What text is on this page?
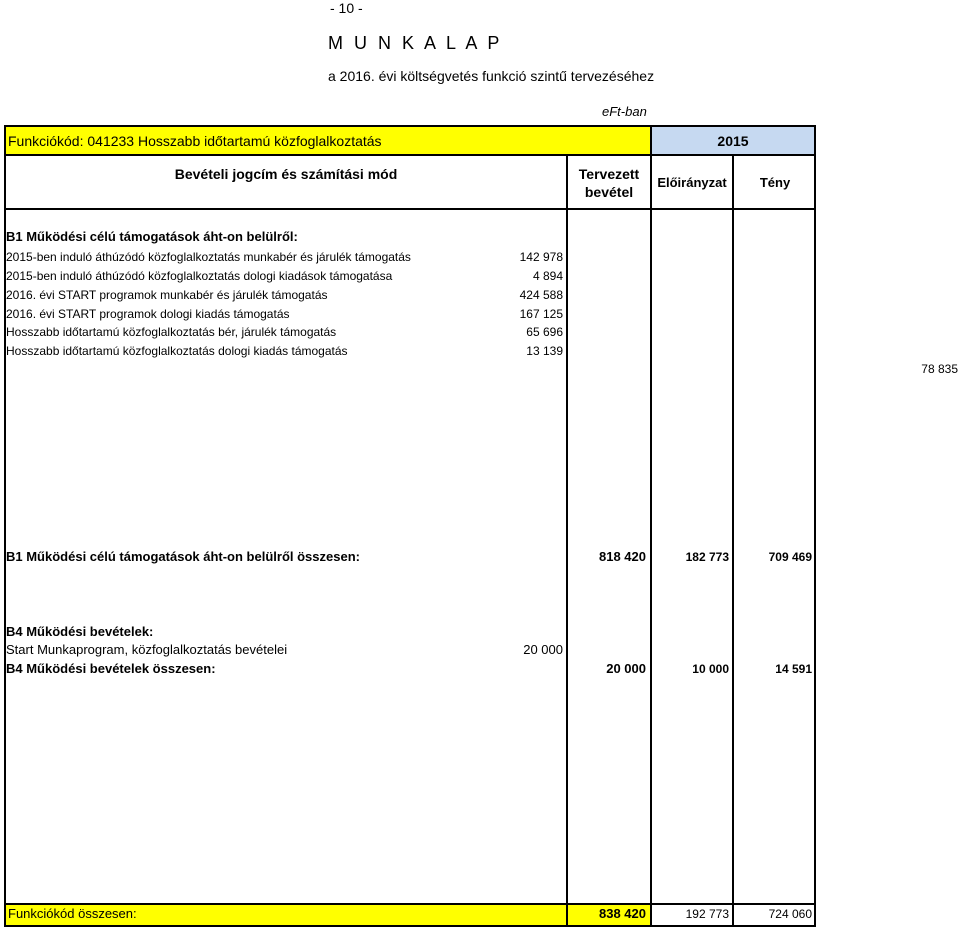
- 10 -
M U N K A L A P
a 2016. évi költségvetés funkció szintű tervezéséhez
eFt-ban
Funkciókód: 041233 Hosszabb időtartamú közfoglalkoztatás	2015
Bevételi jogcím és számítási mód	Tervezett
bevétel
Előirányzat	Tény
B1 Működési célú támogatások áht-on belülről:
2015-ben induló áthúzódó közfoglalkoztatás munkabér és járulék támogatás	142 978
2015-ben induló áthúzódó közfoglalkoztatás dologi kiadások támogatása	4 894
2016. évi START programok munkabér és járulék támogatás	424 588
2016. évi START programok dologi kiadás támogatás	167 125
Hosszabb időtartamú közfoglalkoztatás bér, járulék támogatás	65 696
Hosszabb időtartamú közfoglalkoztatás dologi kiadás támogatás	13 139
78 835
B1 Működési célú támogatások áht-on belülről összesen:	818 420	182 773	709 469
B4 Működési bevételek:
Start Munkaprogram, közfoglalkoztatás bevételei	20 000
B4 Működési bevételek összesen:	20 000	10 000	14 591
Funkciókód összesen:	838 420	192 773	724 060
